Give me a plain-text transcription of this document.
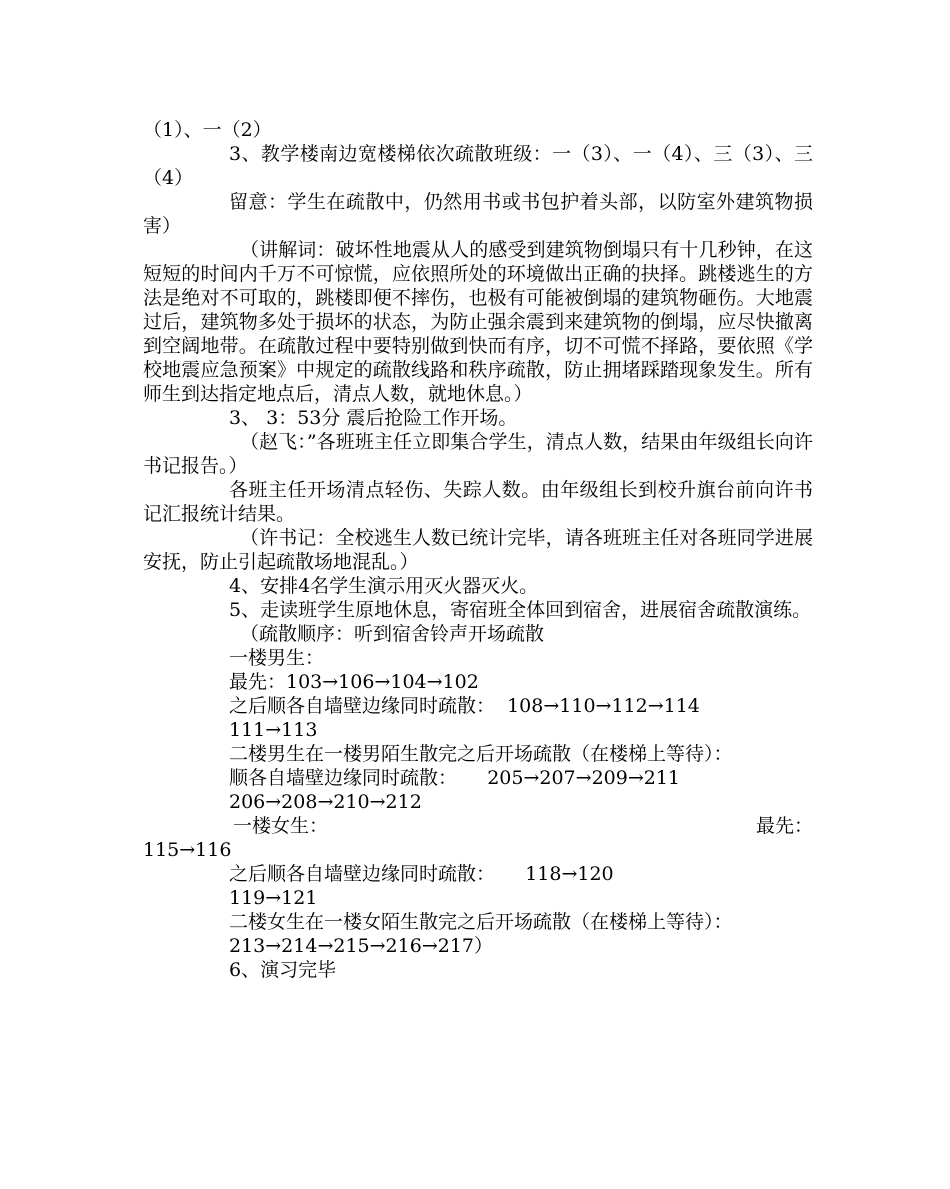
（1）、一（2）

3、教学楼南边宽楼梯依次疏散班级：一（3）、一（4）、三（3）、三（4）

留意：学生在疏散中，仍然用书或书包护着头部，以防室外建筑物损害）

（讲解词：破坏性地震从人的感受到建筑物倒塌只有十几秒钟，在这短短的时间内千万不可惊慌，应依照所处的环境做出正确的抉择。跳楼逃生的方法是绝对不可取的，跳楼即便不摔伤，也极有可能被倒塌的建筑物砸伤。大地震过后，建筑物多处于损坏的状态，为防止强余震到来建筑物的倒塌，应尽快撤离到空阔地带。在疏散过程中要特别做到快而有序，切不可慌不择路，要依照《学校地震应急预案》中规定的疏散线路和秩序疏散，防止拥堵踩踏现象发生。所有师生到达指定地点后，清点人数，就地休息。）

3、 3：53分 震后抢险工作开场。

（赵飞：”各班班主任立即集合学生，清点人数，结果由年级组长向许书记报告。）

各班主任开场清点轻伤、失踪人数。由年级组长到校升旗台前向许书记汇报统计结果。

（许书记：全校逃生人数已统计完毕，请各班班主任对各班同学进展安抚，防止引起疏散场地混乱。）

4、安排4名学生演示用灭火器灭火。

5、走读班学生原地休息，寄宿班全体回到宿舍，进展宿舍疏散演练。

（疏散顺序：听到宿舍铃声开场疏散

一楼男生：

最先：103→106→104→102

之后顺各自墙壁边缘同时疏散：  108→110→112→114

111→113

二楼男生在一楼男陌生散完之后开场疏散（在楼梯上等待）：

顺各自墙壁边缘同时疏散：     205→207→209→211

206→208→210→212

一楼女生：	最先：

115→116

之后顺各自墙壁边缘同时疏散：     118→120

119→121

二楼女生在一楼女陌生散完之后开场疏散（在楼梯上等待）：

213→214→215→216→217）

6、演习完毕
